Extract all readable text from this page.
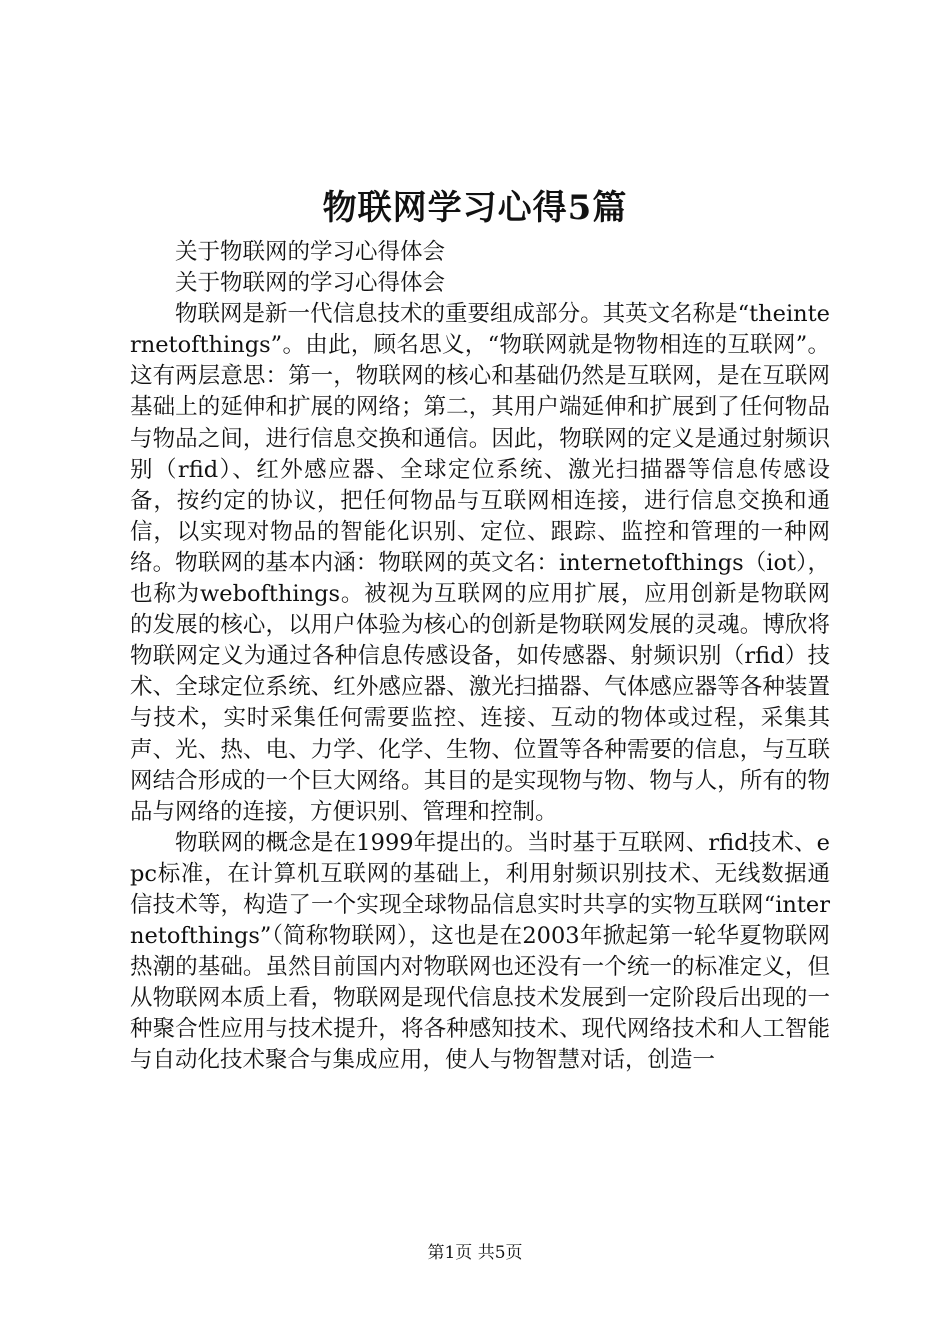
物联网学习心得5篇

关于物联网的学习心得体会

关于物联网的学习心得体会

物联网是新一代信息技术的重要组成部分。其英文名称是“theinternetofthings”。由此，顾名思义，“物联网就是物物相连的互联网”。这有两层意思：第一，物联网的核心和基础仍然是互联网，是在互联网基础上的延伸和扩展的网络；第二，其用户端延伸和扩展到了任何物品与物品之间，进行信息交换和通信。因此，物联网的定义是通过射频识别（rfid）、红外感应器、全球定位系统、激光扫描器等信息传感设备，按约定的协议，把任何物品与互联网相连接，进行信息交换和通信，以实现对物品的智能化识别、定位、跟踪、监控和管理的一种网络。物联网的基本内涵：物联网的英文名：internetofthings（iot），也称为webofthings。被视为互联网的应用扩展，应用创新是物联网的发展的核心，以用户体验为核心的创新是物联网发展的灵魂。博欣将物联网定义为通过各种信息传感设备，如传感器、射频识别（rfid）技术、全球定位系统、红外感应器、激光扫描器、气体感应器等各种装置与技术，实时采集任何需要监控、连接、互动的物体或过程，采集其声、光、热、电、力学、化学、生物、位置等各种需要的信息，与互联网结合形成的一个巨大网络。其目的是实现物与物、物与人，所有的物品与网络的连接，方便识别、管理和控制。

物联网的概念是在1999年提出的。当时基于互联网、rfid技术、epc标准，在计算机互联网的基础上，利用射频识别技术、无线数据通信技术等，构造了一个实现全球物品信息实时共享的实物互联网“internetofthings”（简称物联网），这也是在2003年掀起第一轮华夏物联网热潮的基础。虽然目前国内对物联网也还没有一个统一的标准定义，但从物联网本质上看，物联网是现代信息技术发展到一定阶段后出现的一种聚合性应用与技术提升，将各种感知技术、现代网络技术和人工智能与自动化技术聚合与集成应用，使人与物智慧对话，创造一

第1页 共5页
